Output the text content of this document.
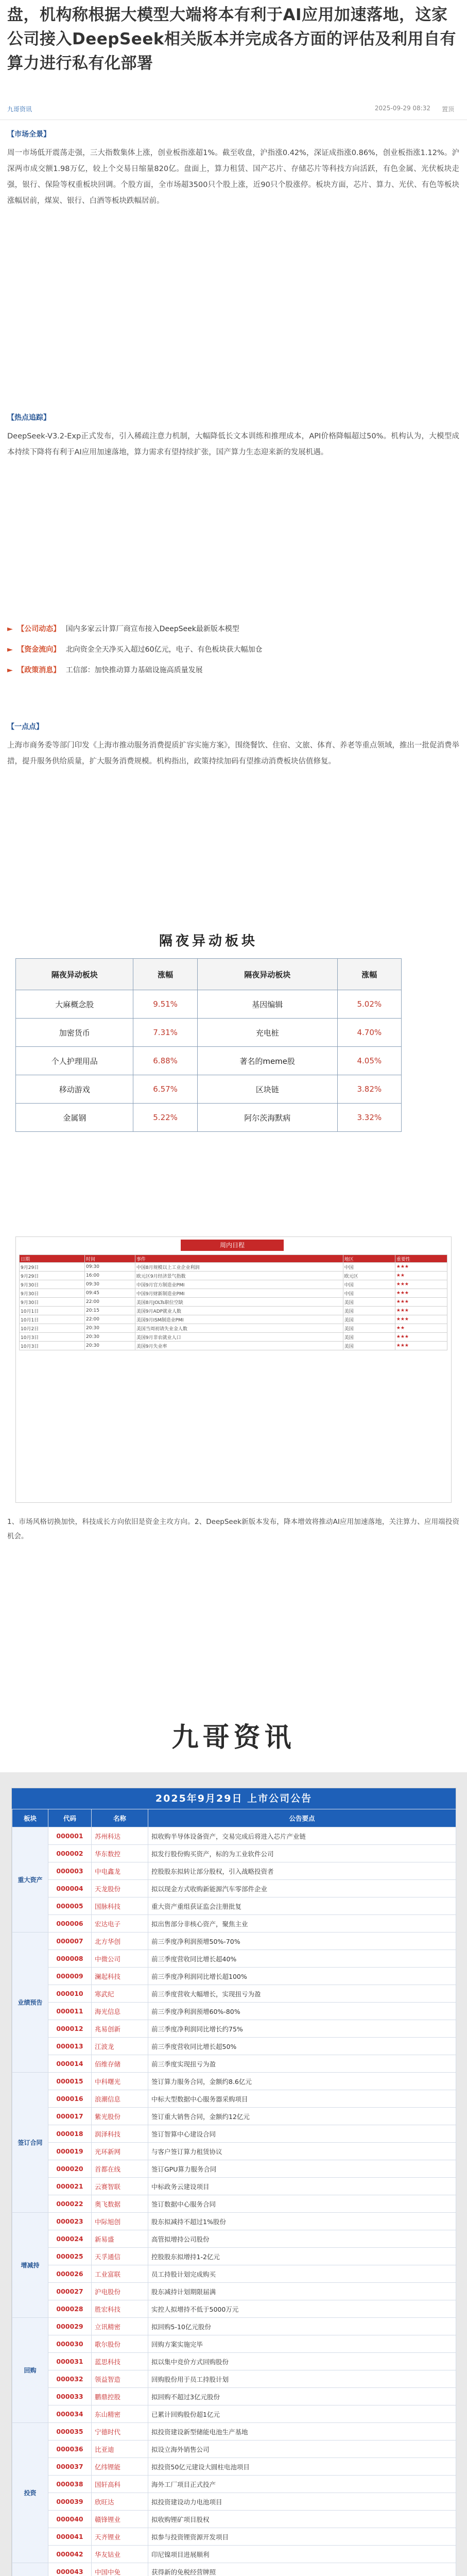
盘，机构称根据大模型大端将本有利于AI应用加速落地，这家公司接入DeepSeek相关版本并完成各方面的评估及利用自有算力进行私有化部署
九哥资讯	2025-09-29 08:32 置顶
【市场全景】
周一市场低开震荡走强，三大指数集体上涨，创业板指涨超1%。截至收盘，沪指涨0.42%，深证成指涨0.86%，创业板指涨1.12%。沪深两市成交额1.98万亿，较上个交易日缩量820亿。盘面上，算力租赁、国产芯片、存储芯片等科技方向活跃，有色金属、光伏板块走强，银行、保险等权重板块回调。个股方面，全市场超3500只个股上涨，近90只个股涨停。板块方面，芯片、算力、光伏、有色等板块涨幅居前，煤炭、银行、白酒等板块跌幅居前。
【热点追踪】
DeepSeek-V3.2-Exp正式发布，引入稀疏注意力机制，大幅降低长文本训练和推理成本，API价格降幅超过50%。机构认为，大模型成本持续下降将有利于AI应用加速落地，算力需求有望持续扩张，国产算力生态迎来新的发展机遇。
► 【公司动态】 国内多家云计算厂商宣布接入DeepSeek最新版本模型
► 【资金流向】 北向资金全天净买入超过60亿元，电子、有色板块获大幅加仓
► 【政策消息】 工信部：加快推动算力基础设施高质量发展
【一点点】
上海市商务委等部门印发《上海市推动服务消费提质扩容实施方案》，围绕餐饮、住宿、文旅、体育、养老等重点领域，推出一批促消费举措，提升服务供给质量，扩大服务消费规模。机构指出，政策持续加码有望推动消费板块估值修复。
隔夜异动板块
隔夜异动板块	涨幅	隔夜异动板块	涨幅
大麻概念股	9.51%	基因编辑	5.02%
加密货币	7.31%	充电桩	4.70%
个人护理用品	6.88%	著名的meme股	4.05%
移动游戏	6.57%	区块链	3.82%
金属钢	5.22%	阿尔茨海默病	3.32%
周内日程
日期	时间	事件	地区	重要性
9月29日	09:30	中国8月规模以上工业企业利润	中国	★★★
9月29日	16:00	欧元区9月经济景气指数	欧元区	★★
9月30日	09:30	中国9月官方制造业PMI	中国	★★★
9月30日	09:45	中国9月财新制造业PMI	中国	★★★
9月30日	22:00	美国8月JOLTs职位空缺	美国	★★★
10月1日	20:15	美国9月ADP就业人数	美国	★★★
10月1日	22:00	美国9月ISM制造业PMI	美国	★★★
10月2日	20:30	美国当周初请失业金人数	美国	★★
10月3日	20:30	美国9月非农就业人口	美国	★★★
10月3日	20:30	美国9月失业率	美国	★★★
1、市场风格切换加快，科技成长方向依旧是资金主攻方向。2、DeepSeek新版本发布，降本增效将推动AI应用加速落地，关注算力、应用端投资机会。
九哥资讯
2025年9月29日 上市公司公告
板块	代码	名称	公告要点
重大资产	000001	苏州科达	拟收购半导体设备资产，交易完成后将进入芯片产业链
	000002	华东数控	拟发行股份购买资产，标的为工业软件公司
	000003	中电鑫龙	控股股东拟转让部分股权，引入战略投资者
	000004	天龙股份	拟以现金方式收购新能源汽车零部件企业
	000005	国脉科技	重大资产重组获证监会注册批复
	000006	宏达电子	拟出售部分非核心资产，聚焦主业
业绩预告	000007	北方华创	前三季度净利润预增50%-70%
	000008	中微公司	前三季度营收同比增长超40%
	000009	澜起科技	前三季度净利润同比增长超100%
	000010	寒武纪	前三季度营收大幅增长，实现扭亏为盈
	000011	海光信息	前三季度净利润预增60%-80%
	000012	兆易创新	前三季度净利润同比增长约75%
	000013	江波龙	前三季度营收同比增长超50%
	000014	佰维存储	前三季度实现扭亏为盈
签订合同	000015	中科曙光	签订算力服务合同，金额约8.6亿元
	000016	浪潮信息	中标大型数据中心服务器采购项目
	000017	紫光股份	签订重大销售合同，金额约12亿元
	000018	润泽科技	签订智算中心建设合同
	000019	光环新网	与客户签订算力租赁协议
	000020	首都在线	签订GPU算力服务合同
	000021	云赛智联	中标政务云建设项目
	000022	奥飞数据	签订数据中心服务合同
增减持	000023	中际旭创	股东拟减持不超过1%股份
	000024	新易盛	高管拟增持公司股份
	000025	天孚通信	控股股东拟增持1-2亿元
	000026	工业富联	员工持股计划完成购买
	000027	沪电股份	股东减持计划期限届满
	000028	胜宏科技	实控人拟增持不低于5000万元
回购	000029	立讯精密	拟回购5-10亿元股份
	000030	歌尔股份	回购方案实施完毕
	000031	蓝思科技	拟以集中竞价方式回购股份
	000032	领益智造	回购股份用于员工持股计划
	000033	鹏鼎控股	拟回购不超过3亿元股份
	000034	东山精密	已累计回购股份超1亿元
投资	000035	宁德时代	拟投资建设新型储能电池生产基地
	000036	比亚迪	拟设立海外销售公司
	000037	亿纬锂能	拟投资50亿元建设大圆柱电池项目
	000038	国轩高科	海外工厂项目正式投产
	000039	欣旺达	拟投资建设动力电池项目
	000040	赣锋锂业	拟收购锂矿项目股权
	000041	天齐锂业	拟参与投资锂资源开发项目
	000042	华友钴业	印尼镍项目进展顺利
	000043	中国中免	获得新的免税经营牌照
